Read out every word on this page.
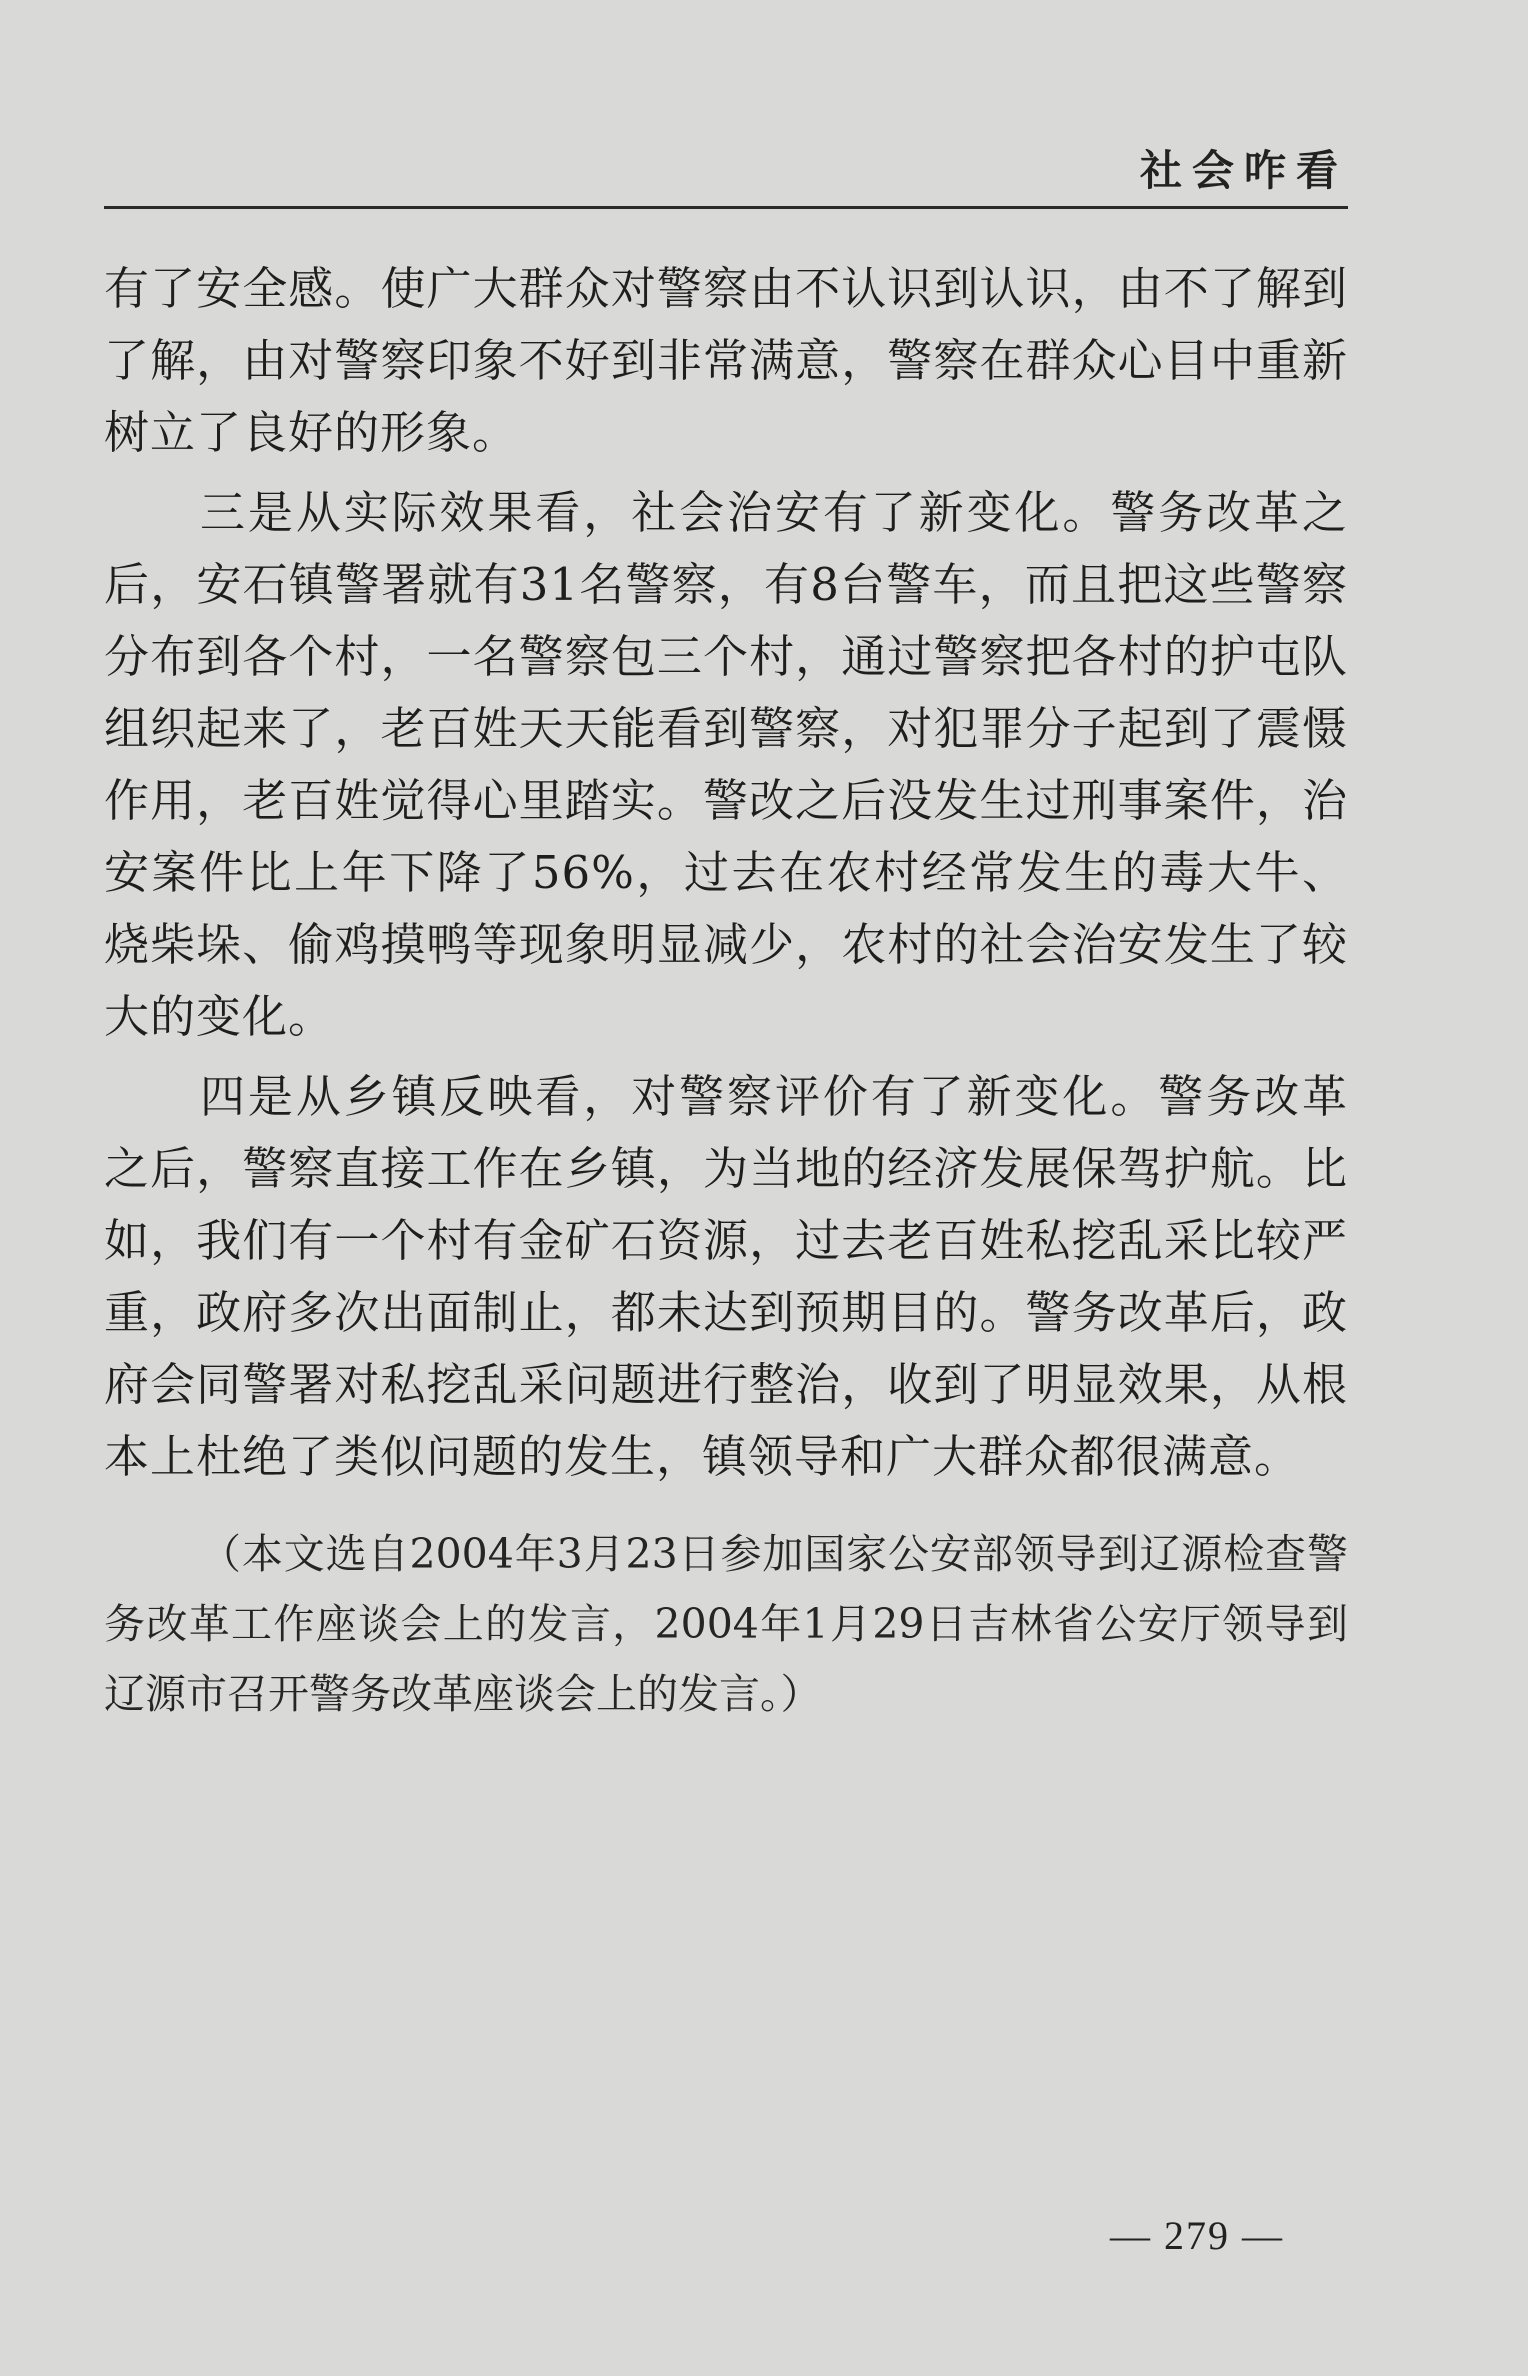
社会咋看

有了安全感。使广大群众对警察由不认识到认识，由不了解到了解，由对警察印象不好到非常满意，警察在群众心目中重新树立了良好的形象。

三是从实际效果看，社会治安有了新变化。警务改革之后，安石镇警署就有31名警察，有8台警车，而且把这些警察分布到各个村，一名警察包三个村，通过警察把各村的护屯队组织起来了，老百姓天天能看到警察，对犯罪分子起到了震慑作用，老百姓觉得心里踏实。警改之后没发生过刑事案件，治安案件比上年下降了56%，过去在农村经常发生的毒大牛、烧柴垛、偷鸡摸鸭等现象明显减少，农村的社会治安发生了较大的变化。

四是从乡镇反映看，对警察评价有了新变化。警务改革之后，警察直接工作在乡镇，为当地的经济发展保驾护航。比如，我们有一个村有金矿石资源，过去老百姓私挖乱采比较严重，政府多次出面制止，都未达到预期目的。警务改革后，政府会同警署对私挖乱采问题进行整治，收到了明显效果，从根本上杜绝了类似问题的发生，镇领导和广大群众都很满意。

（本文选自2004年3月23日参加国家公安部领导到辽源检查警务改革工作座谈会上的发言，2004年1月29日吉林省公安厅领导到辽源市召开警务改革座谈会上的发言。）

— 279 —
